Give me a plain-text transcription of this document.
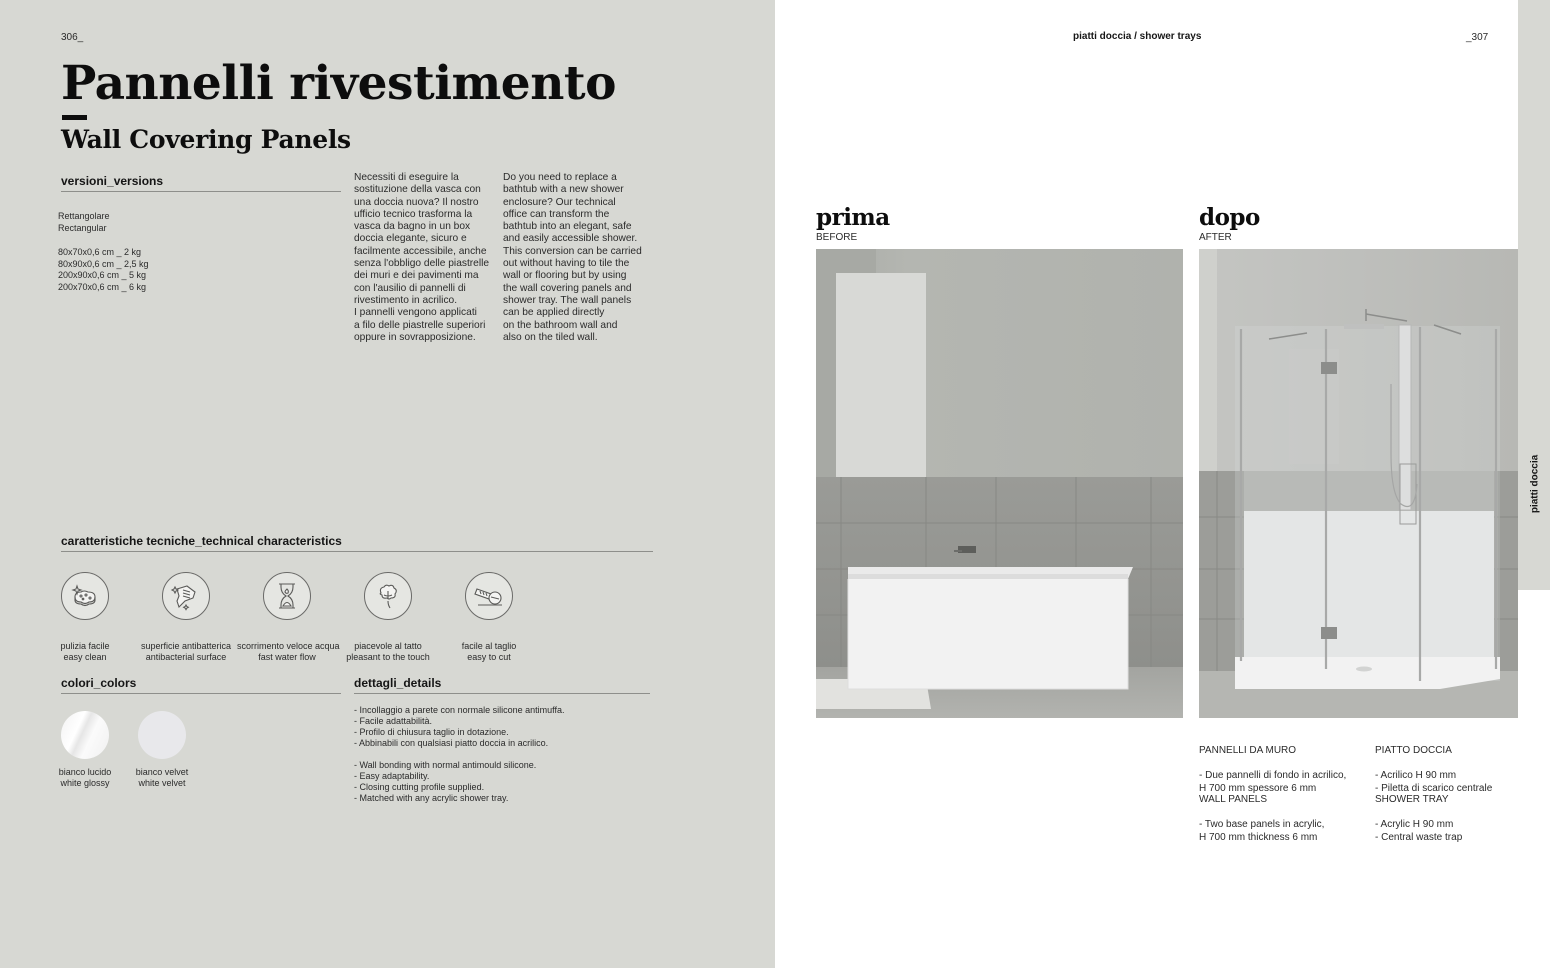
306_
Pannelli rivestimento
Wall Covering Panels
versioni_versions
Rettangolare
Rectangular
80x70x0,6 cm _ 2 kg
80x90x0,6 cm _ 2,5 kg
200x90x0,6 cm _ 5 kg
200x70x0,6 cm _ 6 kg
Necessiti di eseguire la
sostituzione della vasca con
una doccia nuova? Il nostro
ufficio tecnico trasforma la
vasca da bagno in un box
doccia elegante, sicuro e
facilmente accessibile, anche
senza l'obbligo delle piastrelle
dei muri e dei pavimenti ma
con l'ausilio di pannelli di
rivestimento in acrilico.
I pannelli vengono applicati
a filo delle piastrelle superiori
oppure in sovrapposizione.
Do you need to replace a
bathtub with a new shower
enclosure? Our technical
office can transform the
bathtub into an elegant, safe
and easily accessible shower.
This conversion can be carried
out without having to tile the
wall or flooring but by using
the wall covering panels and
shower tray. The wall panels
can be applied directly
on the bathroom wall and
also on the tiled wall.
caratteristiche tecniche_technical characteristics
pulizia facile
easy clean
superficie antibatterica
antibacterial surface
scorrimento veloce acqua
fast water flow
piacevole al tatto
pleasant to the touch
facile al taglio
easy to cut
colori_colors
bianco lucido
white glossy
bianco velvet
white velvet
dettagli_details
- Incollaggio a parete con normale silicone antimuffa.
- Facile adattabilità.
- Profilo di chiusura taglio in dotazione.
- Abbinabili con qualsiasi piatto doccia in acrilico.
- Wall bonding with normal antimould silicone.
- Easy adaptability.
- Closing cutting profile supplied.
- Matched with any acrylic shower tray.
piatti doccia / shower trays	_307
piatti doccia
prima
BEFORE
dopo
AFTER

PANNELLI DA MURO

- Due pannelli di fondo in acrilico,
H 700 mm spessore 6 mm

WALL PANELS

- Two base panels in acrylic,
H 700 mm thickness 6 mm

PIATTO DOCCIA

- Acrilico H 90 mm
- Piletta di scarico centrale

SHOWER TRAY

- Acrylic H 90 mm
- Central waste trap
